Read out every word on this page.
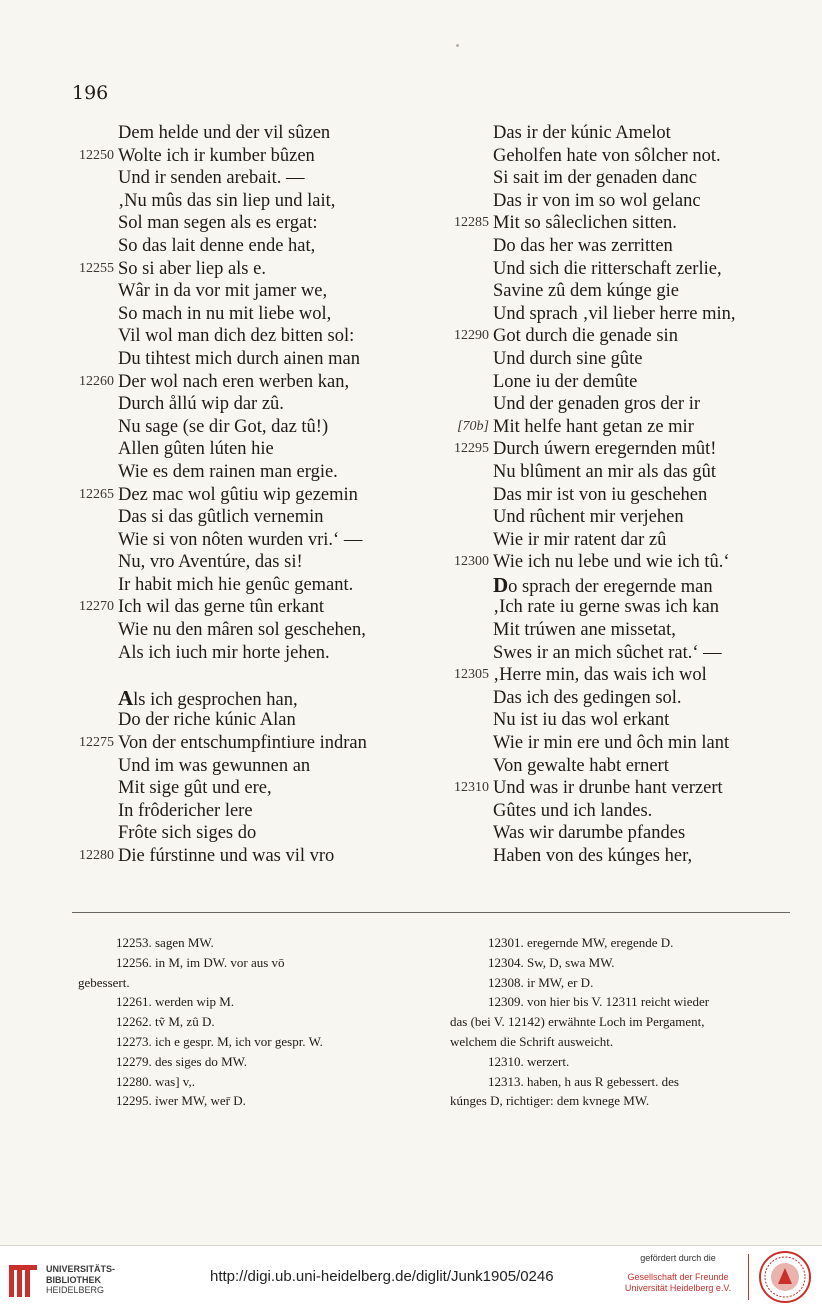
196
Dem helde und der vil sûzen
12250 Wolte ich ir kumber bûzen
Und ir senden arebait. —
‚Nu mûs das sin liep und lait,
Sol man segen als es ergat:
So das lait denne ende hat,
12255 So si aber liep als e.
Wâr in da vor mit jamer we,
So mach in nu mit liebe wol,
Vil wol man dich dez bitten sol:
Du tihtest mich durch ainen man
12260 Der wol nach eren werben kan,
Durch ållú wip dar zû.
Nu sage (se dir Got, daz tû!)
Allen gûten lúten hie
Wie es dem rainen man ergie.
12265 Dez mac wol gûtiu wip gezemin
Das si das gûtlich vernemin
Wie si von nôten wurden vri.‘ —
Nu, vro Aventúre, das si!
Ir habit mich hie genûc gemant.
12270 Ich wil das gerne tûn erkant
Wie nu den mâren sol geschehen,
Als ich iuch mir horte jehen.
Als ich gesprochen han,
Do der riche kúnic Alan
12275 Von der entschumpfintiure indran
Und im was gewunnen an
Mit sige gût und ere,
In frôdericher lere
Frôte sich siges do
12280 Die fúrstinne und was vil vro
Das ir der kúnic Amelot
Geholfen hate von sôlcher not.
Si sait im der genaden danc
Das ir von im so wol gelanc
12285 Mit so sâleclichen sitten.
Do das her was zerritten
Und sich die ritterschaft zerlie,
Savine zû dem kúnge gie
Und sprach ‚vil lieber herre min,
12290 Got durch die genade sin
Und durch sine gûte
Lone iu der demûte
Und der genaden gros der ir
[70b] Mit helfe hant getan ze mir
12295 Durch úwern eregernden mût!
Nu blûment an mir als das gût
Das mir ist von iu geschehen
Und rûchent mir verjehen
Wie ir mir ratent dar zû
12300 Wie ich nu lebe und wie ich tû.‘
Do sprach der eregernde man
‚Ich rate iu gerne swas ich kan
Mit trúwen ane missetat,
Swes ir an mich sûchet rat.‘ —
12305 ‚Herre min, das wais ich wol
Das ich des gedingen sol.
Nu ist iu das wol erkant
Wie ir min ere und ôch min lant
Von gewalte habt ernert
12310 Und was ir drunbe hant verzert
Gûtes und ich landes.
Was wir darumbe pfandes
Haben von des kúnges her,
12253. sagen MW.
12256. in M, im DW. vor aus vō
gebessert.
12261. werden wip M.
12262. tṽ M, zû D.
12273. ich e gespr. M, ich vor gespr. W.
12279. des siges do MW.
12280. was] v,.
12295. ỉwer MW, wer̄ D.
12301. eregernde MW, eregende D.
12304. Sw, D, swa MW.
12308. ir MW, er D.
12309. von hier bis V. 12311 reicht wieder
das (bei V. 12142) erwähnte Loch im Pergament,
welchem die Schrift ausweicht.
12310. werzert.
12313. haben, h aus R gebessert. des
kúnges D, richtiger: dem kvnege MW.
UNIVERSITÄTS-
BIBLIOTHEK
HEIDELBERG
http://digi.ub.uni-heidelberg.de/diglit/Junk1905/0246
gefördert durch die
Gesellschaft der Freunde
Universität Heidelberg e.V.
